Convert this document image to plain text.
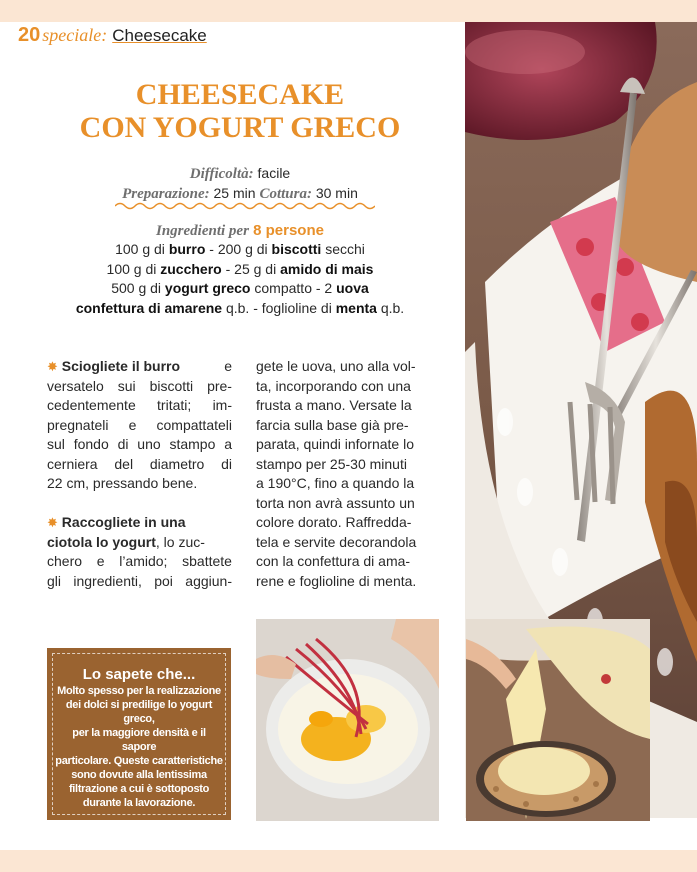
20 speciale: Cheesecake
CHEESECAKE
CON YOGURT GRECO
Difficoltà: facile
Preparazione: 25 min Cottura: 30 min
Ingredienti per 8 persone
100 g di burro - 200 g di biscotti secchi
100 g di zucchero - 25 g di amido di mais
500 g di yogurt greco compatto - 2 uova
confettura di amarene q.b. - foglioline di menta q.b.
✸ Sciogliete il burro	e
versatelo sui biscotti pre-
cedentemente tritati; im-
pregnateli e compattateli
sul fondo di uno stampo a
cerniera del diametro di
22 cm, pressando bene.
✸ Raccogliete in una
ciotola lo yogurt, lo zuc-
chero e l’amido; sbattete
gli ingredienti, poi aggiun-
gete le uova, uno alla vol-
ta, incorporando con una
frusta a mano. Versate la
farcia sulla base già pre-
parata, quindi infornate lo
stampo per 25-30 minuti
a 190°C, fino a quando la
torta non avrà assunto un
colore dorato. Raffredda-
tela e servite decorandola
con la confettura di ama-
rene e foglioline di menta.
Lo sapete che...
Molto spesso per la realizzazione
dei dolci si predilige lo yogurt greco,
per la maggiore densità e il sapore
particolare. Queste caratteristiche
sono dovute alla lentissima
filtrazione a cui è sottoposto
durante la lavorazione.
